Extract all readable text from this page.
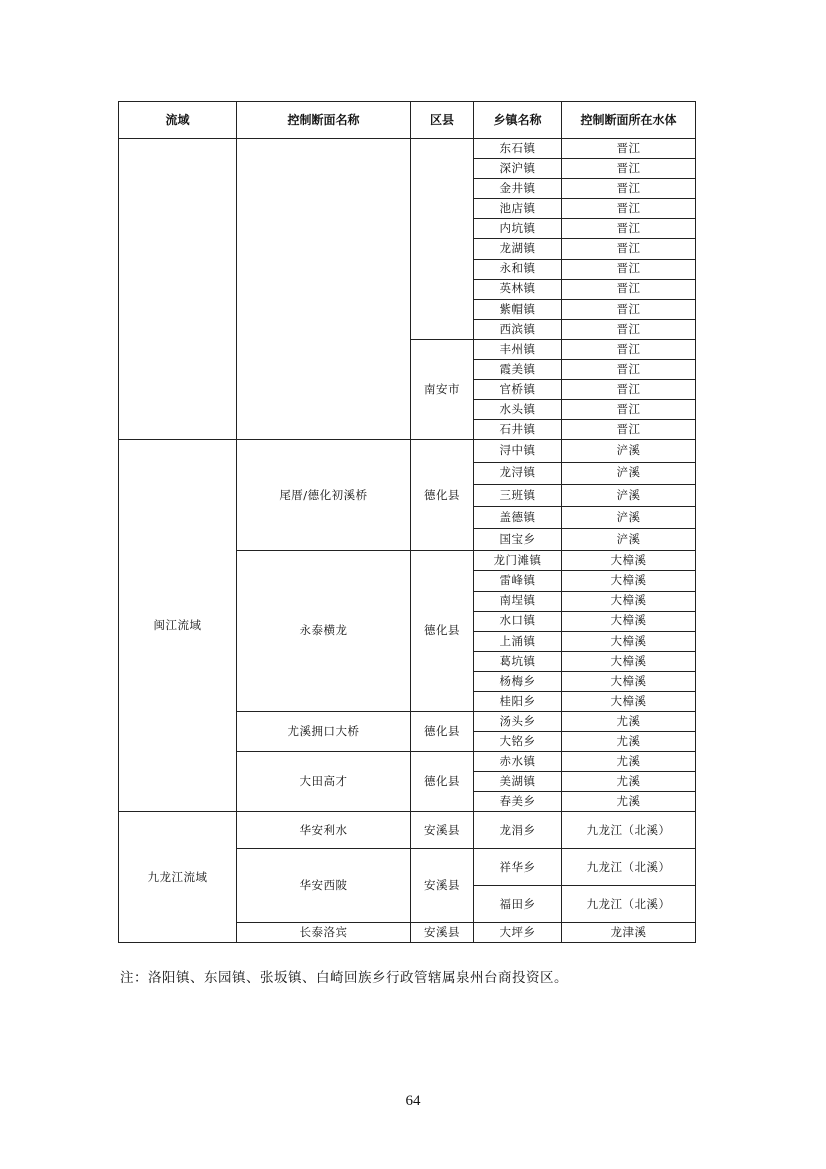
流域	控制断面名称	区县	乡镇名称	控制断面所在水体
			东石镇	晋江
			深沪镇	晋江
			金井镇	晋江
			池店镇	晋江
			内坑镇	晋江
			龙湖镇	晋江
			永和镇	晋江
			英林镇	晋江
			紫帽镇	晋江
			西滨镇	晋江
		南安市	丰州镇	晋江
			霞美镇	晋江
			官桥镇	晋江
			水头镇	晋江
			石井镇	晋江
闽江流域	尾厝/德化初溪桥	德化县	浔中镇	浐溪
			龙浔镇	浐溪
			三班镇	浐溪
			盖德镇	浐溪
			国宝乡	浐溪
	永泰横龙	德化县	龙门滩镇	大樟溪
			雷峰镇	大樟溪
			南埕镇	大樟溪
			水口镇	大樟溪
			上涌镇	大樟溪
			葛坑镇	大樟溪
			杨梅乡	大樟溪
			桂阳乡	大樟溪
	尤溪拥口大桥	德化县	汤头乡	尤溪
			大铭乡	尤溪
	大田高才	德化县	赤水镇	尤溪
			美湖镇	尤溪
			春美乡	尤溪
九龙江流域	华安利水	安溪县	龙涓乡	九龙江（北溪）
	华安西陂	安溪县	祥华乡	九龙江（北溪）
			福田乡	九龙江（北溪）
	长泰洛宾	安溪县	大坪乡	龙津溪
注：洛阳镇、东园镇、张坂镇、白崎回族乡行政管辖属泉州台商投资区。
64
